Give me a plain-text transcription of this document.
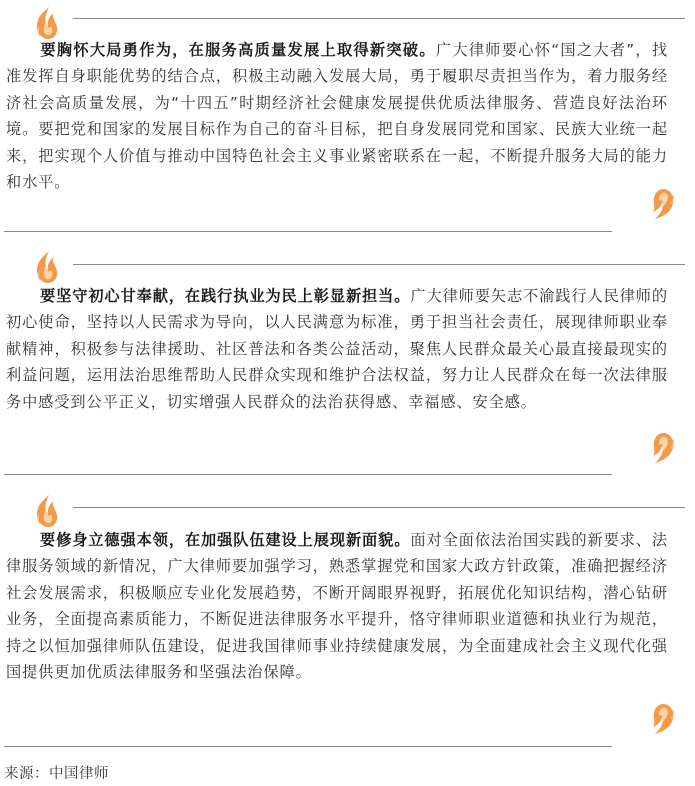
要胸怀大局勇作为，在服务高质量发展上取得新突破。广大律师要心怀“国之大者”，找准发挥自身职能优势的结合点，积极主动融入发展大局，勇于履职尽责担当作为，着力服务经济社会高质量发展，为“十四五”时期经济社会健康发展提供优质法律服务、营造良好法治环境。要把党和国家的发展目标作为自己的奋斗目标，把自身发展同党和国家、民族大业统一起来，把实现个人价值与推动中国特色社会主义事业紧密联系在一起，不断提升服务大局的能力和水平。

要坚守初心甘奉献，在践行执业为民上彰显新担当。广大律师要矢志不渝践行人民律师的初心使命，坚持以人民需求为导向，以人民满意为标准，勇于担当社会责任，展现律师职业奉献精神，积极参与法律援助、社区普法和各类公益活动，聚焦人民群众最关心最直接最现实的利益问题，运用法治思维帮助人民群众实现和维护合法权益，努力让人民群众在每一次法律服务中感受到公平正义，切实增强人民群众的法治获得感、幸福感、安全感。

要修身立德强本领，在加强队伍建设上展现新面貌。面对全面依法治国实践的新要求、法律服务领域的新情况，广大律师要加强学习，熟悉掌握党和国家大政方针政策，准确把握经济社会发展需求，积极顺应专业化发展趋势，不断开阔眼界视野，拓展优化知识结构，潜心钻研业务，全面提高素质能力，不断促进法律服务水平提升，恪守律师职业道德和执业行为规范，持之以恒加强律师队伍建设，促进我国律师事业持续健康发展，为全面建成社会主义现代化强国提供更加优质法律服务和坚强法治保障。

来源：中国律师
